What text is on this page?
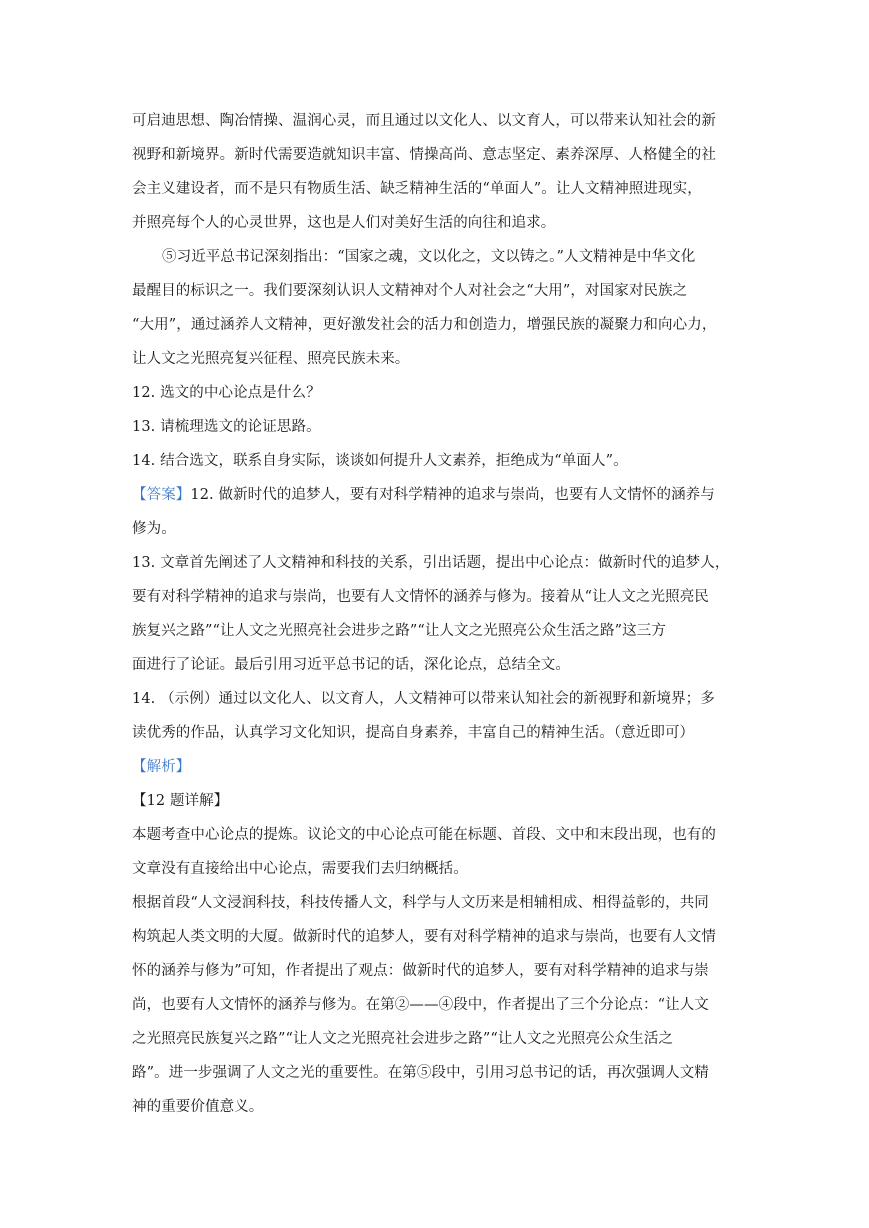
可启迪思想、陶冶情操、温润心灵，而且通过以文化人、以文育人，可以带来认知社会的新
视野和新境界。新时代需要造就知识丰富、情操高尚、意志坚定、素养深厚、人格健全的社
会主义建设者，而不是只有物质生活、缺乏精神生活的“单面人”。让人文精神照进现实，
并照亮每个人的心灵世界，这也是人们对美好生活的向往和追求。
⑤习近平总书记深刻指出：“国家之魂，文以化之，文以铸之。”人文精神是中华文化
最醒目的标识之一。我们要深刻认识人文精神对个人对社会之“大用”，对国家对民族之
“大用”，通过涵养人文精神，更好激发社会的活力和创造力，增强民族的凝聚力和向心力，
让人文之光照亮复兴征程、照亮民族未来。
12. 选文的中心论点是什么？
13. 请梳理选文的论证思路。
14. 结合选文，联系自身实际，谈谈如何提升人文素养，拒绝成为“单面人”。
【答案】12. 做新时代的追梦人，要有对科学精神的追求与崇尚，也要有人文情怀的涵养与
修为。
13. 文章首先阐述了人文精神和科技的关系，引出话题，提出中心论点：做新时代的追梦人，
要有对科学精神的追求与崇尚，也要有人文情怀的涵养与修为。接着从“让人文之光照亮民
族复兴之路”“让人文之光照亮社会进步之路”“让人文之光照亮公众生活之路”这三方
面进行了论证。最后引用习近平总书记的话，深化论点，总结全文。
14. （示例）通过以文化人、以文育人，人文精神可以带来认知社会的新视野和新境界；多
读优秀的作品，认真学习文化知识，提高自身素养，丰富自己的精神生活。（意近即可）
【解析】
【12 题详解】
本题考查中心论点的提炼。议论文的中心论点可能在标题、首段、文中和末段出现，也有的
文章没有直接给出中心论点，需要我们去归纳概括。
根据首段“人文浸润科技，科技传播人文，科学与人文历来是相辅相成、相得益彰的，共同
构筑起人类文明的大厦。做新时代的追梦人，要有对科学精神的追求与崇尚，也要有人文情
怀的涵养与修为”可知，作者提出了观点：做新时代的追梦人，要有对科学精神的追求与崇
尚，也要有人文情怀的涵养与修为。在第②——④段中，作者提出了三个分论点：“让人文
之光照亮民族复兴之路”“让人文之光照亮社会进步之路”“让人文之光照亮公众生活之
路”。进一步强调了人文之光的重要性。在第⑤段中，引用习总书记的话，再次强调人文精
神的重要价值意义。
